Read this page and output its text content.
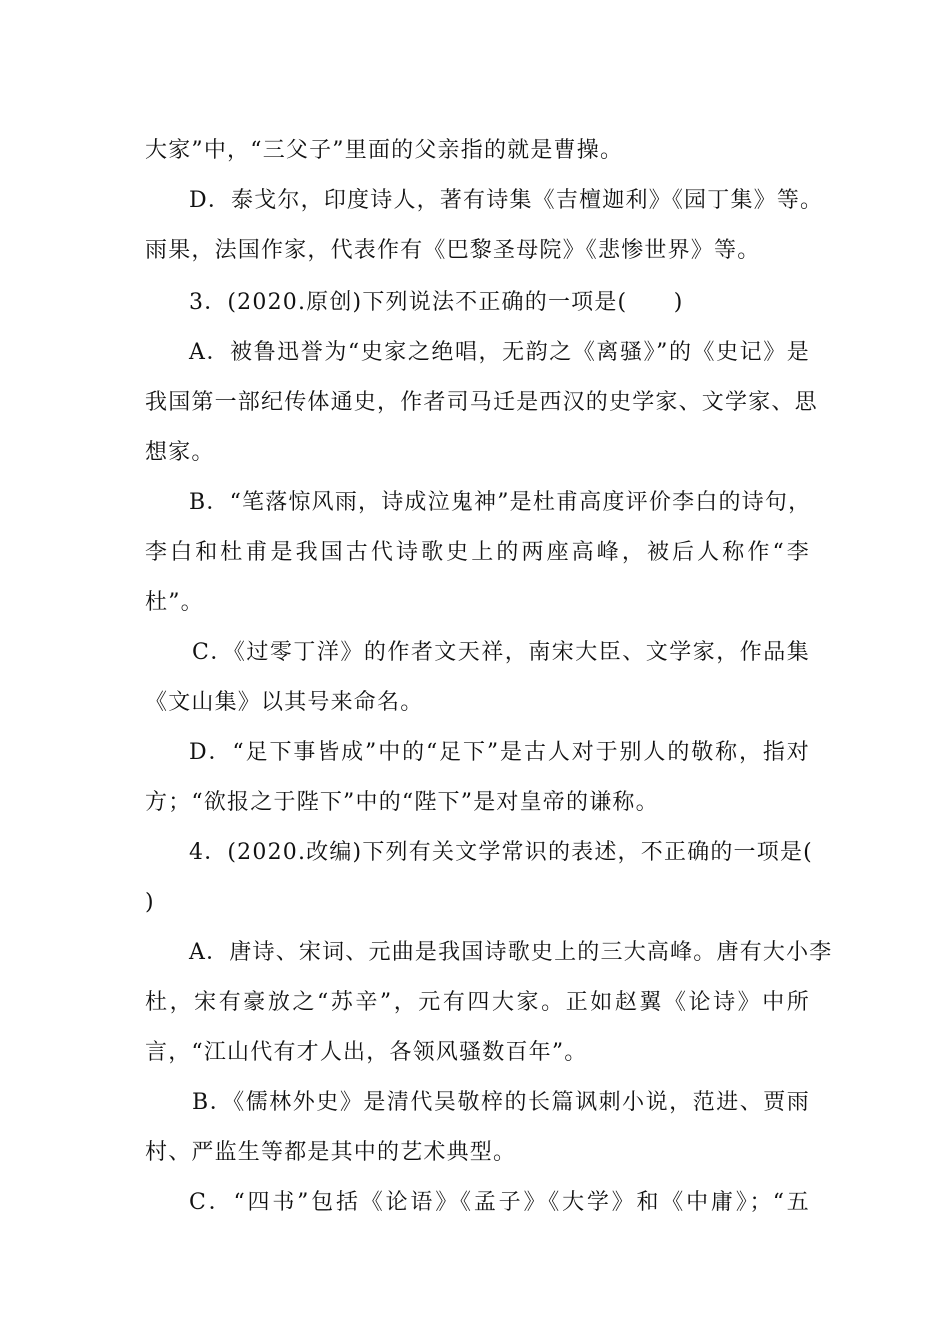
大家”中，“三父子”里面的父亲指的就是曹操。
D．泰戈尔，印度诗人，著有诗集《吉檀迦利》《园丁集》等。
雨果，法国作家，代表作有《巴黎圣母院》《悲惨世界》等。
3．(2020.原创)下列说法不正确的一项是(　　)
A．被鲁迅誉为“史家之绝唱，无韵之《离骚》”的《史记》是
我国第一部纪传体通史，作者司马迁是西汉的史学家、文学家、思
想家。
B．“笔落惊风雨，诗成泣鬼神”是杜甫高度评价李白的诗句，
李白和杜甫是我国古代诗歌史上的两座高峰，被后人称作“李
杜”。
C．《过零丁洋》的作者文天祥，南宋大臣、文学家，作品集
《文山集》以其号来命名。
D．“足下事皆成”中的“足下”是古人对于别人的敬称，指对
方；“欲报之于陛下”中的“陛下”是对皇帝的谦称。
4．(2020.改编)下列有关文学常识的表述，不正确的一项是(
)
A．唐诗、宋词、元曲是我国诗歌史上的三大高峰。唐有大小李
杜，宋有豪放之“苏辛”，元有四大家。正如赵翼《论诗》中所
言，“江山代有才人出，各领风骚数百年”。
B．《儒林外史》是清代吴敬梓的长篇讽刺小说，范进、贾雨
村、严监生等都是其中的艺术典型。
C．“四书”包括《论语》《孟子》《大学》和《中庸》；“五
